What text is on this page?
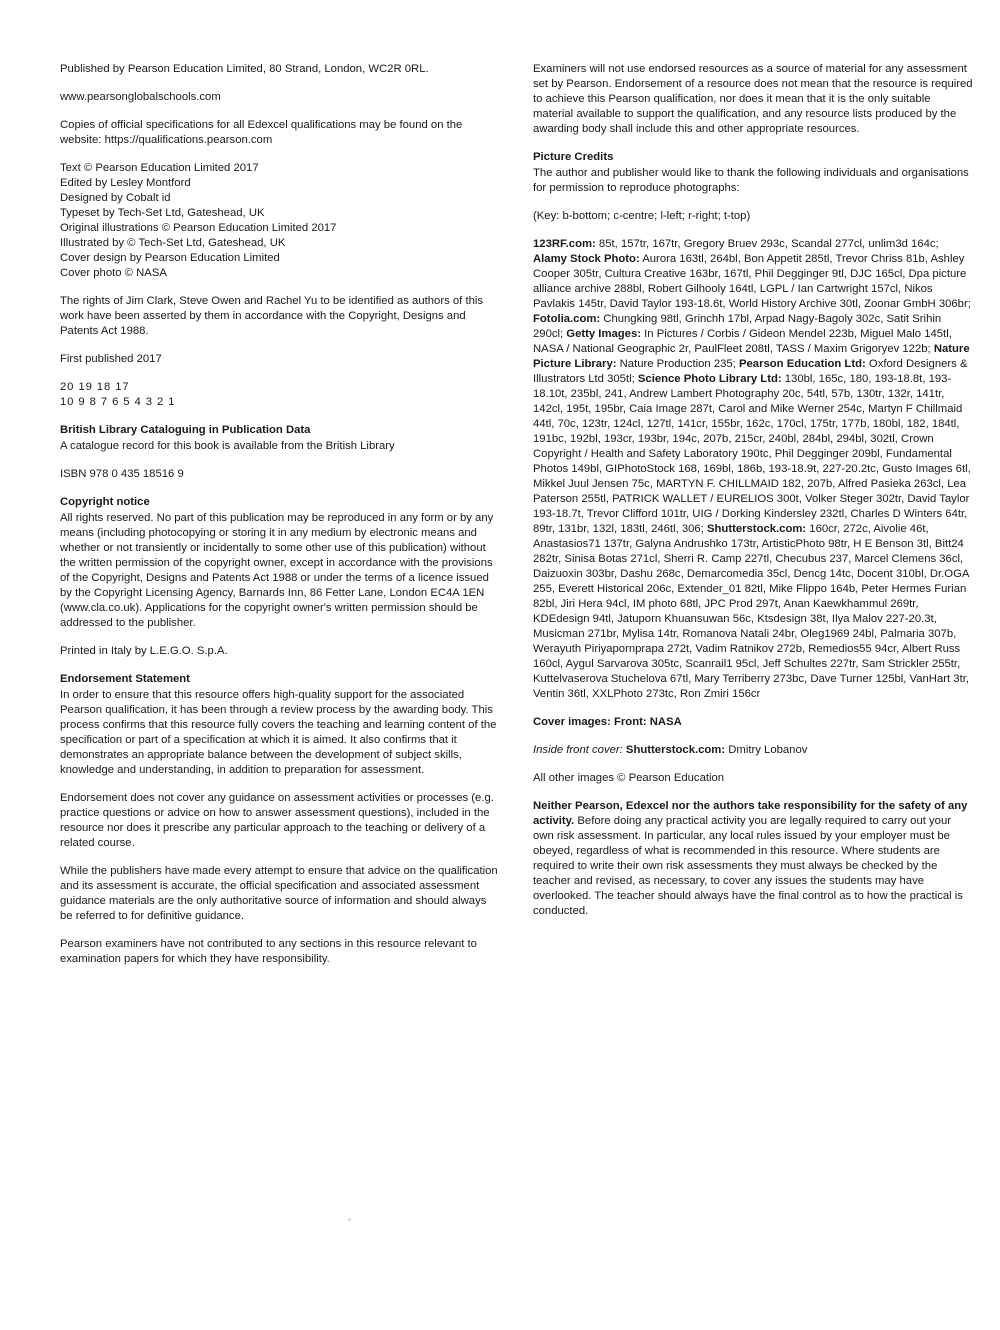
Published by Pearson Education Limited, 80 Strand, London, WC2R 0RL.

www.pearsonglobalschools.com

Copies of official specifications for all Edexcel qualifications may be found on the website: https://qualifications.pearson.com

Text © Pearson Education Limited 2017
Edited by Lesley Montford
Designed by Cobalt id
Typeset by Tech-Set Ltd, Gateshead, UK
Original illustrations © Pearson Education Limited 2017
Illustrated by © Tech-Set Ltd, Gateshead, UK
Cover design by Pearson Education Limited
Cover photo © NASA

The rights of Jim Clark, Steve Owen and Rachel Yu to be identified as authors of this work have been asserted by them in accordance with the Copyright, Designs and Patents Act 1988.

First published 2017

20 19 18 17
10 9 8 7 6 5 4 3 2 1
British Library Cataloguing in Publication Data
A catalogue record for this book is available from the British Library

ISBN 978 0 435 18516 9

Copyright notice
All rights reserved. No part of this publication may be reproduced in any form or by any means (including photocopying or storing it in any medium by electronic means and whether or not transiently or incidentally to some other use of this publication) without the written permission of the copyright owner, except in accordance with the provisions of the Copyright, Designs and Patents Act 1988 or under the terms of a licence issued by the Copyright Licensing Agency, Barnards Inn, 86 Fetter Lane, London EC4A 1EN (www.cla.co.uk). Applications for the copyright owner's written permission should be addressed to the publisher.

Printed in Italy by L.E.G.O. S.p.A.

Endorsement Statement
In order to ensure that this resource offers high-quality support for the associated Pearson qualification, it has been through a review process by the awarding body. This process confirms that this resource fully covers the teaching and learning content of the specification or part of a specification at which it is aimed. It also confirms that it demonstrates an appropriate balance between the development of subject skills, knowledge and understanding, in addition to preparation for assessment.

Endorsement does not cover any guidance on assessment activities or processes (e.g. practice questions or advice on how to answer assessment questions), included in the resource nor does it prescribe any particular approach to the teaching or delivery of a related course.

While the publishers have made every attempt to ensure that advice on the qualification and its assessment is accurate, the official specification and associated assessment guidance materials are the only authoritative source of information and should always be referred to for definitive guidance.

Pearson examiners have not contributed to any sections in this resource relevant to examination papers for which they have responsibility.

Examiners will not use endorsed resources as a source of material for any assessment set by Pearson. Endorsement of a resource does not mean that the resource is required to achieve this Pearson qualification, nor does it mean that it is the only suitable material available to support the qualification, and any resource lists produced by the awarding body shall include this and other appropriate resources.

Picture Credits
The author and publisher would like to thank the following individuals and organisations for permission to reproduce photographs:

(Key: b-bottom; c-centre; l-left; r-right; t-top)

123RF.com: 85t, 157tr, 167tr, Gregory Bruev 293c, Scandal 277cl, unlim3d 164c; Alamy Stock Photo: Aurora 163tl, 264bl, Bon Appetit 285tl, Trevor Chriss 81b, Ashley Cooper 305tr, Cultura Creative 163br, 167tl, Phil Degginger 9tl, DJC 165cl, Dpa picture alliance archive 288bl, Robert Gilhooly 164tl, LGPL / Ian Cartwright 157cl, Nikos Pavlakis 145tr, David Taylor 193-18.6t, World History Archive 30tl, Zoonar GmbH 306br; Fotolia.com: Chungking 98tl, Grinchh 17bl, Arpad Nagy-Bagoly 302c, Satit Srihin 290cl; Getty Images: In Pictures / Corbis / Gideon Mendel 223b, Miguel Malo 145tl, NASA / National Geographic 2r, PaulFleet 208tl, TASS / Maxim Grigoryev 122b; Nature Picture Library: Nature Production 235; Pearson Education Ltd: Oxford Designers & Illustrators Ltd 305tl; Science Photo Library Ltd: 130bl, 165c, 180, 193-18.8t, 193-18.10t, 235bl, 241, Andrew Lambert Photography 20c, 54tl, 57b, 130tr, 132r, 141tr, 142cl, 195t, 195br, Caia Image 287t, Carol and Mike Werner 254c, Martyn F Chillmaid 44tl, 70c, 123tr, 124cl, 127tl, 141cr, 155br, 162c, 170cl, 175tr, 177b, 180bl, 182, 184tl, 191bc, 192bl, 193cr, 193br, 194c, 207b, 215cr, 240bl, 284bl, 294bl, 302tl, Crown Copyright / Health and Safety Laboratory 190tc, Phil Degginger 209bl, Fundamental Photos 149bl, GIPhotoStock 168, 169bl, 186b, 193-18.9t, 227-20.2tc, Gusto Images 6tl, Mikkel Juul Jensen 75c, MARTYN F. CHILLMAID 182, 207b, Alfred Pasieka 263cl, Lea Paterson 255tl, PATRICK WALLET / EURELIOS 300t, Volker Steger 302tr, David Taylor 193-18.7t, Trevor Clifford 101tr, UIG / Dorking Kindersley 232tl, Charles D Winters 64tr, 89tr, 131br, 132l, 183tl, 246tl, 306; Shutterstock.com: 160cr, 272c, Aivolie 46t, Anastasios71 137tr, Galyna Andrushko 173tr, ArtisticPhoto 98tr, H E Benson 3tl, Bitt24 282tr, Sinisa Botas 271cl, Sherri R. Camp 227tl, Checubus 237, Marcel Clemens 36cl, Daizuoxin 303br, Dashu 268c, Demarcomedia 35cl, Dencg 14tc, Docent 310bl, Dr.OGA 255, Everett Historical 206c, Extender_01 82tl, Mike Flippo 164b, Peter Hermes Furian 82bl, Jiri Hera 94cl, IM photo 68tl, JPC Prod 297t, Anan Kaewkhammul 269tr, KDEdesign 94tl, Jatuporn Khuansuwan 56c, Ktsdesign 38t, Ilya Malov 227-20.3t, Musicman 271br, Mylisa 14tr, Romanova Natali 24br, Oleg1969 24bl, Palmaria 307b, Werayuth Piriyapornprapa 272t, Vadim Ratnikov 272b, Remedios55 94cr, Albert Russ 160cl, Aygul Sarvarova 305tc, Scanrail1 95cl, Jeff Schultes 227tr, Sam Strickler 255tr, Kuttelvaserova Stuchelova 67tl, Mary Terriberry 273bc, Dave Turner 125bl, VanHart 3tr, Ventin 36tl, XXLPhoto 273tc, Ron Zmiri 156cr

Cover images: Front: NASA

Inside front cover: Shutterstock.com: Dmitry Lobanov

All other images © Pearson Education

Neither Pearson, Edexcel nor the authors take responsibility for the safety of any activity. Before doing any practical activity you are legally required to carry out your own risk assessment. In particular, any local rules issued by your employer must be obeyed, regardless of what is recommended in this resource. Where students are required to write their own risk assessments they must always be checked by the teacher and revised, as necessary, to cover any issues the students may have overlooked. The teacher should always have the final control as to how the practical is conducted.
